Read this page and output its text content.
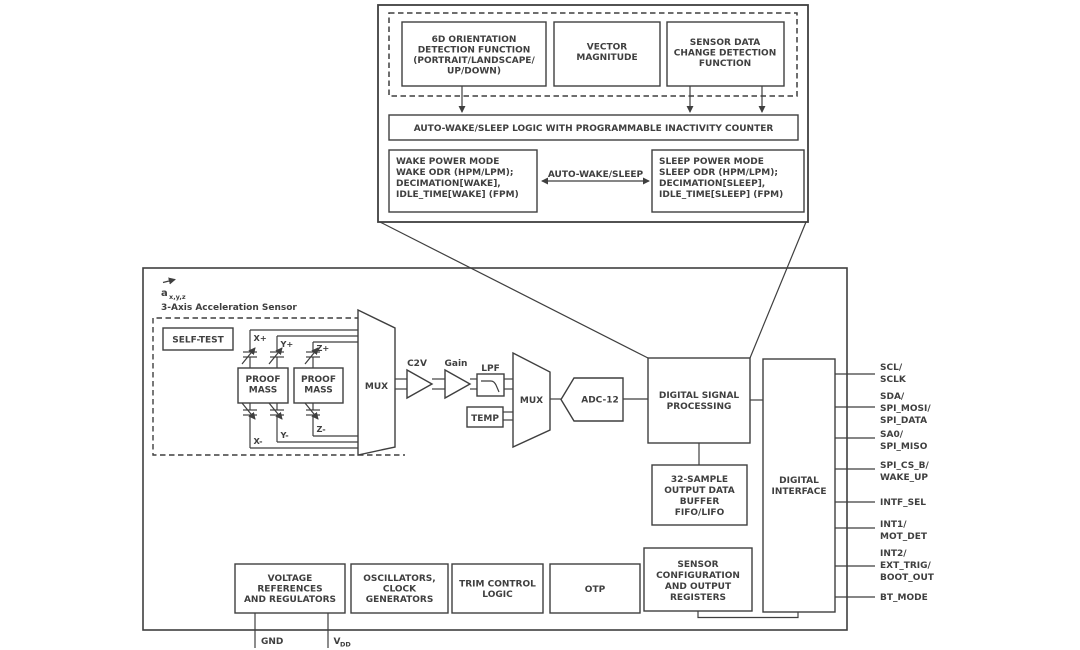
6D ORIENTATION DETECTION FUNCTION (PORTRAIT/LANDSCAPE/ UP/DOWN)
VECTOR MAGNITUDE
SENSOR DATA CHANGE DETECTION FUNCTION
AUTO-WAKE/SLEEP LOGIC WITH PROGRAMMABLE INACTIVITY COUNTER
WAKE POWER MODE WAKE ODR (HPM/LPM); DECIMATION[WAKE], IDLE_TIME[WAKE] (FPM)
SLEEP POWER MODE SLEEP ODR (HPM/LPM); DECIMATION[SLEEP], IDLE_TIME[SLEEP] (FPM)
AUTO-WAKE/SLEEP
a x,y,z
3-Axis Acceleration Sensor
SELF-TEST	X+
Y+	Z+
X-
Y-
Z-
PROOF MASS
PROOF MASS	MUX
C2V Gain LPF
TEMP
MUX	ADC-12	DIGITAL SIGNAL PROCESSING
32-SAMPLE OUTPUT DATA BUFFER FIFO/LIFO
DIGITAL INTERFACE
SENSOR CONFIGURATION AND OUTPUT REGISTERS
VOLTAGE REFERENCES AND REGULATORS
OSCILLATORS, CLOCK GENERATORS
TRIM CONTROL LOGIC	OTP
GND	V DD
SCL/ SCLK
SDA/ SPI_MOSI/ SPI_DATA
SA0/ SPI_MISO
SPI_CS_B/ WAKE_UP
INTF_SEL
INT1/ MOT_DET
INT2/ EXT_TRIG/ BOOT_OUT
BT_MODE
